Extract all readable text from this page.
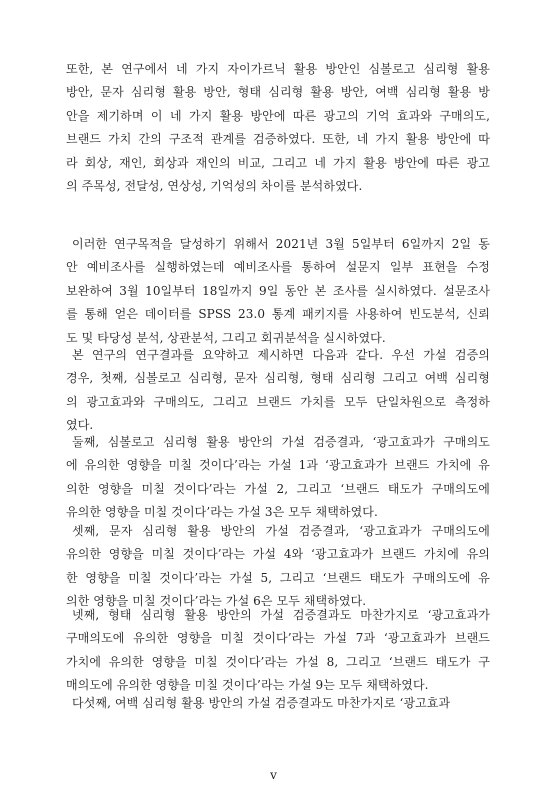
또한, 본 연구에서 네 가지 자이가르닉 활용 방안인 심볼로고 심리형 활용
방안, 문자 심리형 활용 방안, 형태 심리형 활용 방안, 여백 심리형 활용 방
안을 제기하며 이 네 가지 활용 방안에 따른 광고의 기억 효과와 구매의도,
브랜드 가치 간의 구조적 관계를 검증하였다. 또한, 네 가지 활용 방안에 따
라 회상, 재인, 회상과 재인의 비교, 그리고 네 가지 활용 방안에 따른 광고
의 주목성, 전달성, 연상성, 기억성의 차이를 분석하였다.
이러한 연구목적을 달성하기 위해서 2021년 3월 5일부터 6일까지 2일 동
안 예비조사를 실행하였는데 예비조사를 통하여 설문지 일부 표현을 수정
보완하여 3월 10일부터 18일까지 9일 동안 본 조사를 실시하였다. 설문조사
를 통해 얻은 데이터를 SPSS 23.0 통계 패키지를 사용하여 빈도분석, 신뢰
도 및 타당성 분석, 상관분석, 그리고 회귀분석을 실시하였다.
본 연구의 연구결과를 요약하고 제시하면 다음과 같다. 우선 가설 검증의
경우, 첫째, 심볼로고 심리형, 문자 심리형, 형태 심리형 그리고 여백 심리형
의 광고효과와 구매의도, 그리고 브랜드 가치를 모두 단일차원으로 측정하
였다.
둘째, 심볼로고 심리형 활용 방안의 가설 검증결과, ‘광고효과가 구매의도
에 유의한 영향을 미칠 것이다’라는 가설 1과 ‘광고효과가 브랜드 가치에 유
의한 영향을 미칠 것이다’라는 가설 2, 그리고 ‘브랜드 태도가 구매의도에
유의한 영향을 미칠 것이다’라는 가설 3은 모두 채택하였다.
셋째, 문자 심리형 활용 방안의 가설 검증결과, ‘광고효과가 구매의도에
유의한 영향을 미칠 것이다’라는 가설 4와 ‘광고효과가 브랜드 가치에 유의
한 영향을 미칠 것이다’라는 가설 5, 그리고 ‘브랜드 태도가 구매의도에 유
의한 영향을 미칠 것이다’라는 가설 6은 모두 채택하였다.
넷째, 형태 심리형 활용 방안의 가설 검증결과도 마찬가지로 ‘광고효과가
구매의도에 유의한 영향을 미칠 것이다’라는 가설 7과 ‘광고효과가 브랜드
가치에 유의한 영향을 미칠 것이다’라는 가설 8, 그리고 ‘브랜드 태도가 구
매의도에 유의한 영향을 미칠 것이다’라는 가설 9는 모두 채택하였다.
다섯째, 여백 심리형 활용 방안의 가설 검증결과도 마찬가지로 ‘광고효과
v
